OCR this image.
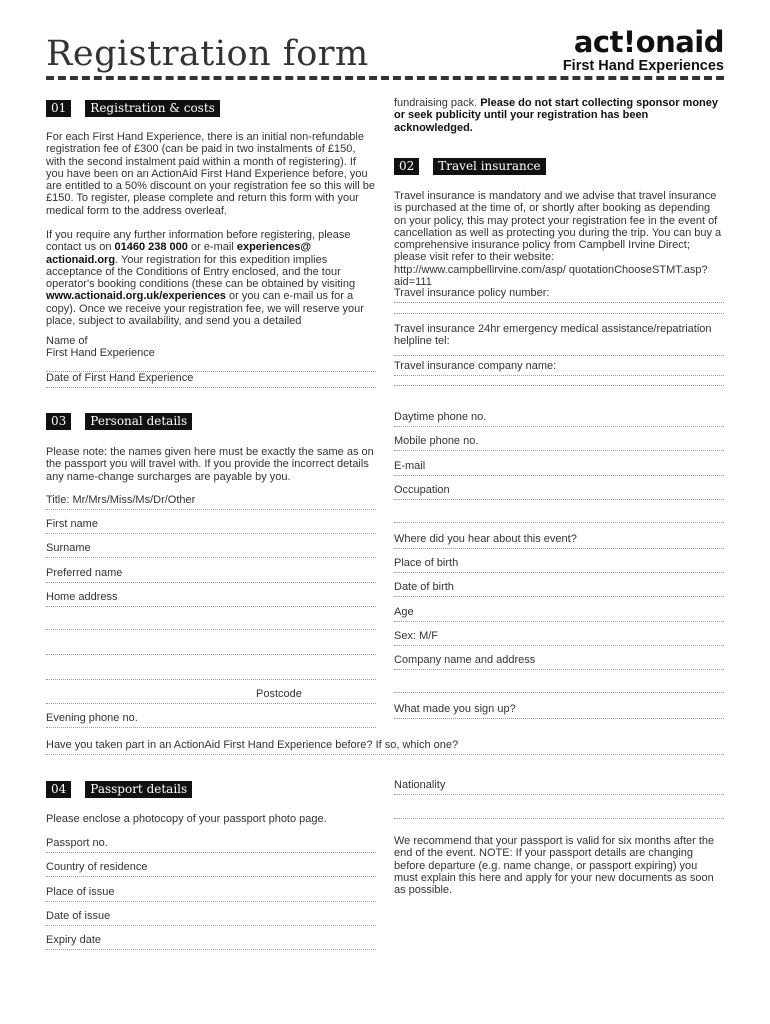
Registration form	act!onaid
First Hand Experiences
01	Registration & costs

For each First Hand Experience, there is an initial non-refundable registration fee of £300 (can be paid in two instalments of £150, with the second instalment paid within a month of registering). If you have been on an ActionAid First Hand Experience before, you are entitled to a 50% discount on your registration fee so this will be £150. To register, please complete and return this form with your medical form to the address overleaf.

If you require any further information before registering, please contact us on 01460 238 000 or e-mail experiences@ actionaid.org. Your registration for this expedition implies acceptance of the Conditions of Entry enclosed, and the tour operator's booking conditions (these can be obtained by visiting www.actionaid.org.uk/experiences or you can e-mail us for a copy). Once we receive your registration fee, we will reserve your place, subject to availability, and send you a detailed

Name of
First Hand Experience
Date of First Hand Experience

fundraising pack. Please do not start collecting sponsor money or seek publicity until your registration has been acknowledged.

02	Travel insurance

Travel insurance is mandatory and we advise that travel insurance is purchased at the time of, or shortly after booking as depending on your policy, this may protect your registration fee in the event of cancellation as well as protecting you during the trip. You can buy a comprehensive insurance policy from Campbell Irvine Direct; please visit refer to their website: http://www.campbellirvine.com/asp/ quotationChooseSTMT.asp?aid=111

Travel insurance policy number:
Travel insurance 24hr emergency medical assistance/repatriation helpline tel:
Travel insurance company name:
03	Personal details

Please note: the names given here must be exactly the same as on the passport you will travel with. If you provide the incorrect details any name-change surcharges are payable by you.

Title: Mr/Mrs/Miss/Ms/Dr/Other
First name
Surname
Preferred name
Home address
Postcode
Evening phone no.
Daytime phone no.
Mobile phone no.
E-mail
Occupation
Where did you hear about this event?
Place of birth
Date of birth
Age
Sex: M/F
Company name and address
What made you sign up?
Have you taken part in an ActionAid First Hand Experience before? If so, which one?
04	Passport details

Please enclose a photocopy of your passport photo page.

Passport no.
Country of residence
Place of issue
Date of issue
Expiry date
Nationality

We recommend that your passport is valid for six months after the end of the event. NOTE: If your passport details are changing before departure (e.g. name change, or passport expiring) you must explain this here and apply for your new documents as soon as possible.
